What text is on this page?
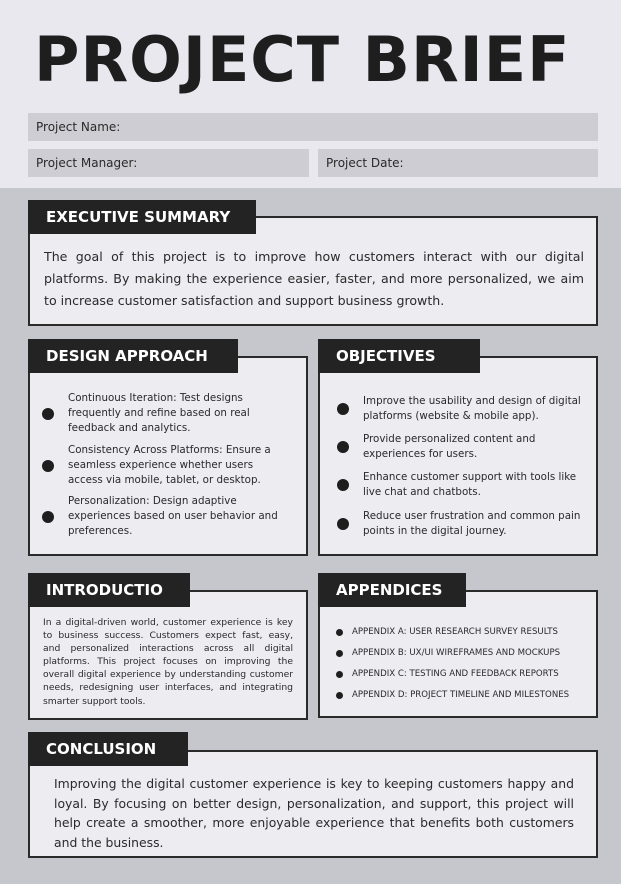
PROJECT BRIEF
Project Name:
Project Manager:	Project Date:
EXECUTIVE SUMMARY
The goal of this project is to improve how customers interact with our digital platforms. By making the experience easier, faster, and more personalized, we aim to increase customer satisfaction and support business growth.
DESIGN APPROACH
Continuous Iteration: Test designs frequently and refine based on real feedback and analytics.
Consistency Across Platforms: Ensure a seamless experience whether users access via mobile, tablet, or desktop.
Personalization: Design adaptive experiences based on user behavior and preferences.
OBJECTIVES
Improve the usability and design of digital platforms (website & mobile app).
Provide personalized content and experiences for users.
Enhance customer support with tools like live chat and chatbots.
Reduce user frustration and common pain points in the digital journey.
INTRODUCTIO
In a digital-driven world, customer experience is key to business success. Customers expect fast, easy, and personalized interactions across all digital platforms. This project focuses on improving the overall digital experience by understanding customer needs, redesigning user interfaces, and integrating smarter support tools.
APPENDICES
APPENDIX A: USER RESEARCH SURVEY RESULTS
APPENDIX B: UX/UI WIREFRAMES AND MOCKUPS
APPENDIX C: TESTING AND FEEDBACK REPORTS
APPENDIX D: PROJECT TIMELINE AND MILESTONES
CONCLUSION
Improving the digital customer experience is key to keeping customers happy and loyal. By focusing on better design, personalization, and support, this project will help create a smoother, more enjoyable experience that benefits both customers and the business.
